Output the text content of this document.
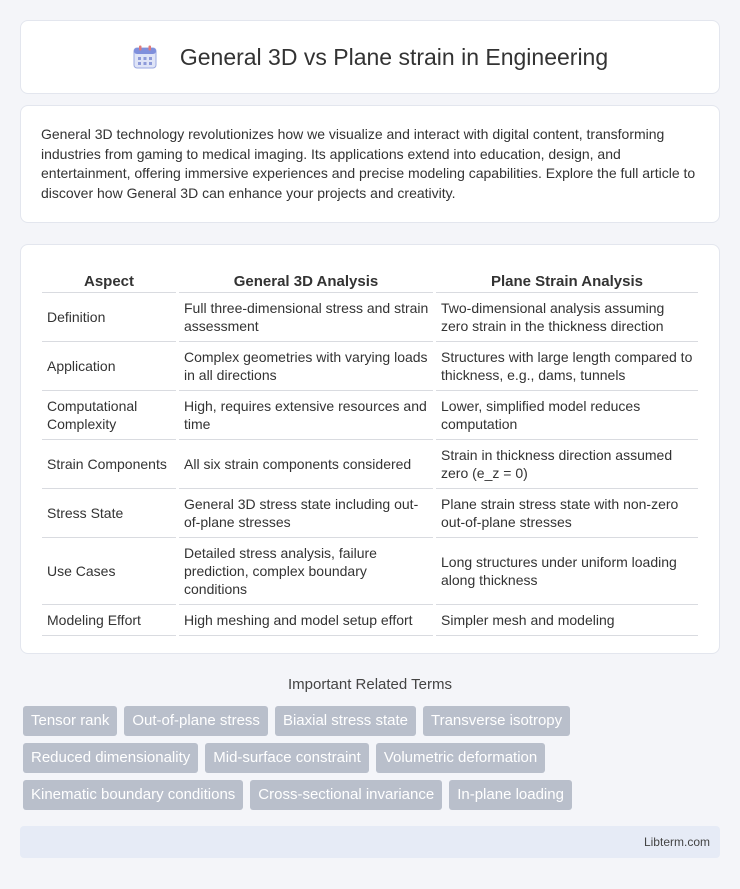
General 3D vs Plane strain in Engineering

General 3D technology revolutionizes how we visualize and interact with digital content, transforming industries from gaming to medical imaging. Its applications extend into education, design, and entertainment, offering immersive experiences and precise modeling capabilities. Explore the full article to discover how General 3D can enhance your projects and creativity.

Aspect	General 3D Analysis	Plane Strain Analysis
Definition	Full three-dimensional stress and strain assessment	Two-dimensional analysis assuming zero strain in the thickness direction
Application	Complex geometries with varying loads in all directions	Structures with large length compared to thickness, e.g., dams, tunnels
Computational Complexity	High, requires extensive resources and time	Lower, simplified model reduces computation
Strain Components	All six strain components considered	Strain in thickness direction assumed zero (e_z = 0)
Stress State	General 3D stress state including out-of-plane stresses	Plane strain stress state with non-zero out-of-plane stresses
Use Cases	Detailed stress analysis, failure prediction, complex boundary conditions	Long structures under uniform loading along thickness
Modeling Effort	High meshing and model setup effort	Simpler mesh and modeling
Important Related Terms
Tensor rank	Out-of-plane stress	Biaxial stress state	Transverse isotropy
Reduced dimensionality	Mid-surface constraint	Volumetric deformation
Kinematic boundary conditions	Cross-sectional invariance	In-plane loading
Libterm.com
